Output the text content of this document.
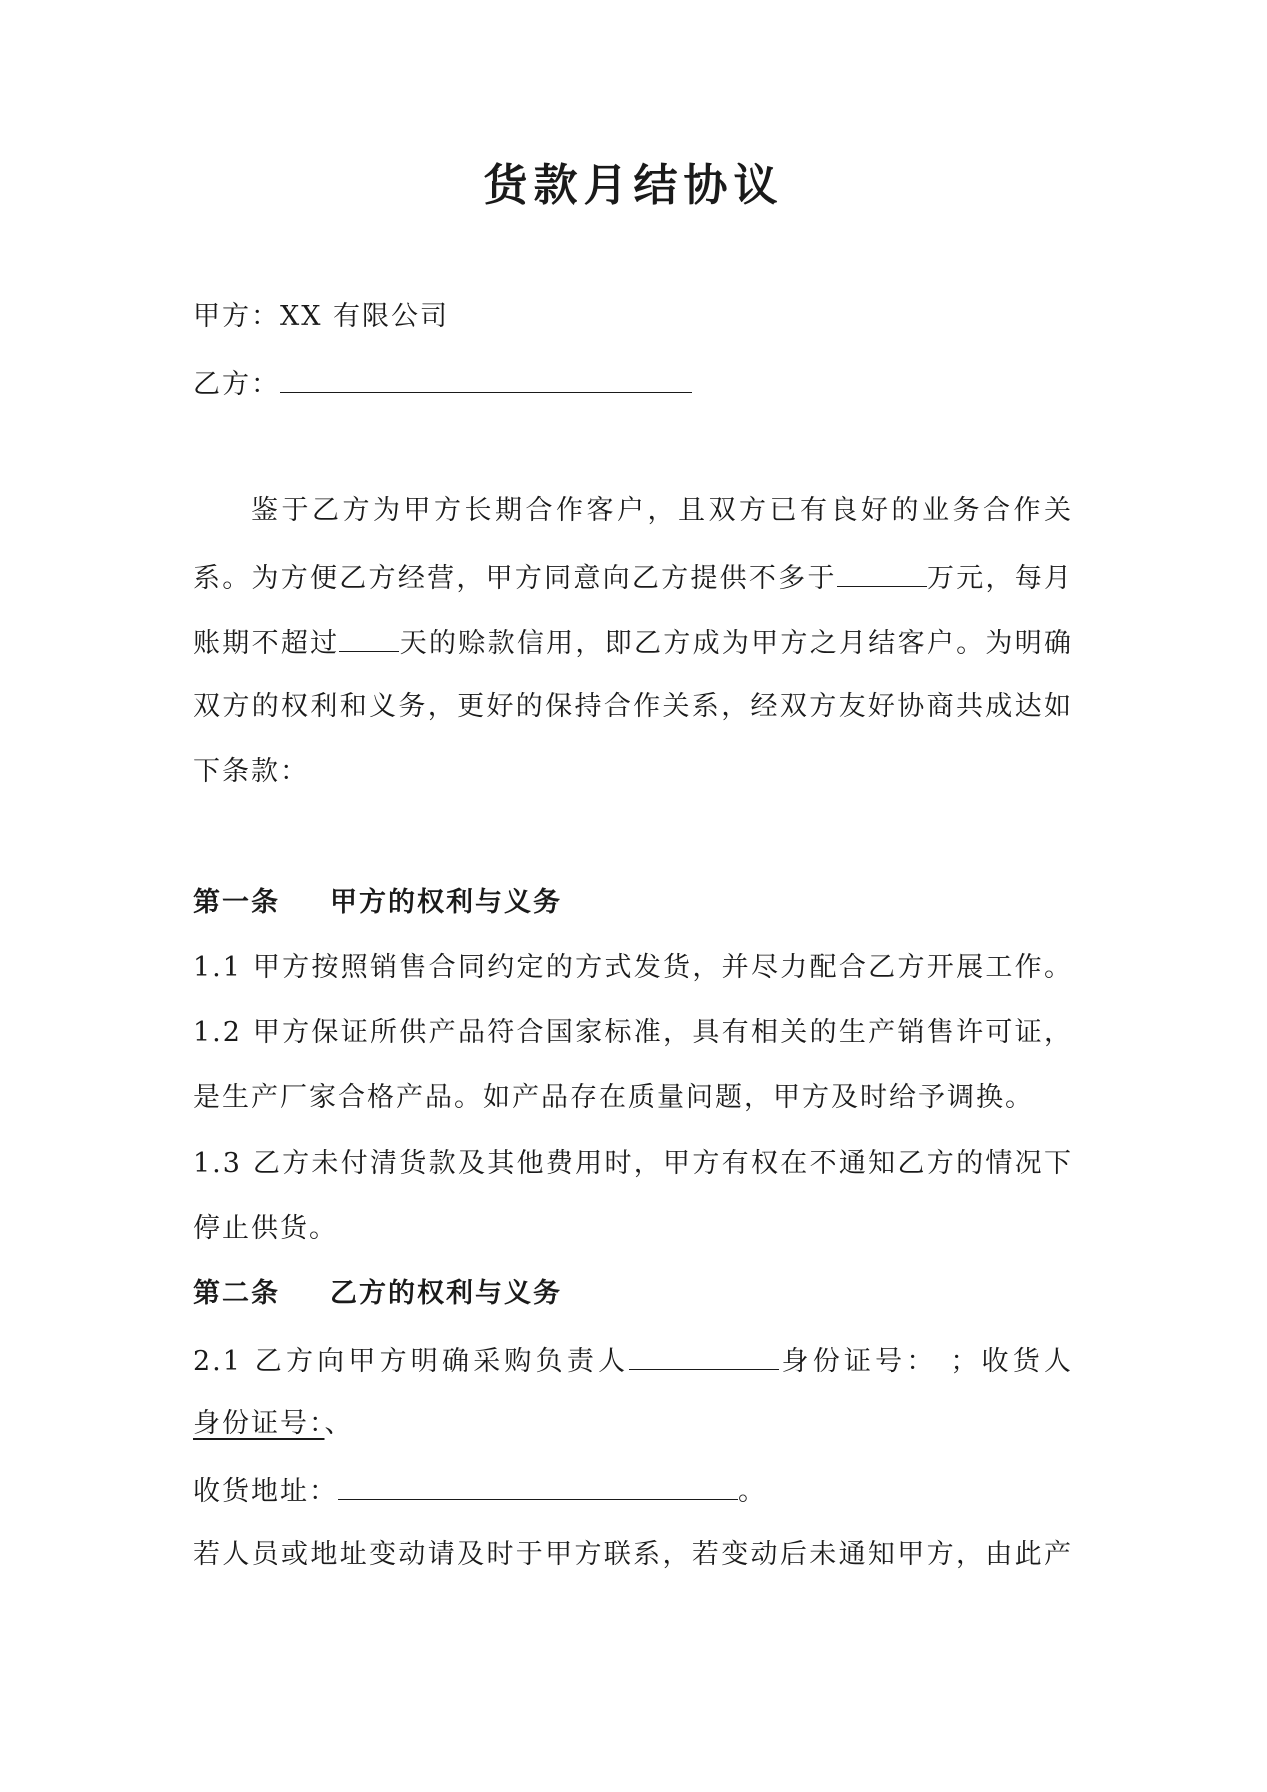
货款月结协议
甲方：XX 有限公司
乙方：
鉴于乙方为甲方长期合作客户，且双方已有良好的业务合作关
系。为方便乙方经营，甲方同意向乙方提供不多于	万元，每月
账期不超过 天的赊款信用，即乙方成为甲方之月结客户。为明确
双方的权利和义务，更好的保持合作关系，经双方友好协商共成达如
下条款：
第一条 甲方的权利与义务
1.1 甲方按照销售合同约定的方式发货，并尽力配合乙方开展工作。
1.2 甲方保证所供产品符合国家标准，具有相关的生产销售许可证，
是生产厂家合格产品。如产品存在质量问题，甲方及时给予调换。
1.3 乙方未付清货款及其他费用时，甲方有权在不通知乙方的情况下
停止供货。
第二条 乙方的权利与义务
2.1 乙方向甲方明确采购负责人	身份证号： ；收货人
身份证号：、
收货地址：	。
若人员或地址变动请及时于甲方联系，若变动后未通知甲方，由此产
